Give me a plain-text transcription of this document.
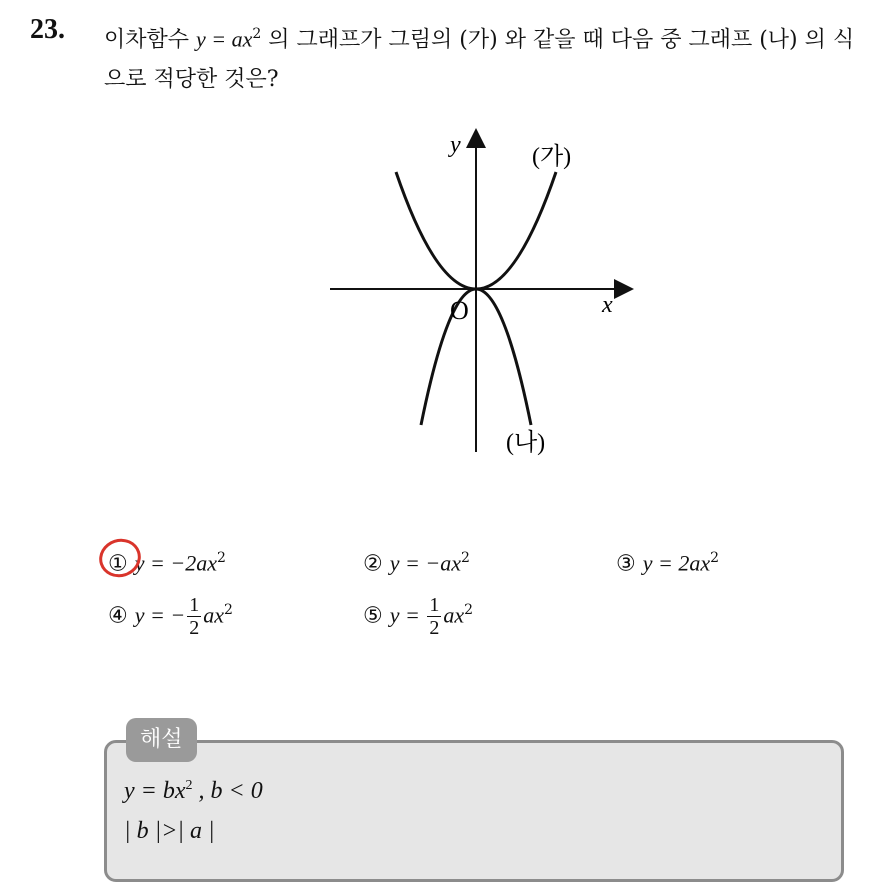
23. 이차함수 $y = ax^2$ 의 그래프가 그림의 (가) 와 같을 때 다음 중 그래프 (나) 의 식으로 적당한 것은?
y
x
O
(가)
(나)
① $y = -2ax^2$	② $y = -ax^2$	③ $y = 2ax^2$
④ y = − $\frac{1}{2} ax^2$	⑤ $y = \frac{1}{2} ax^2$
해설
$y = bx^2$ , b < 0
| b |>| a |
